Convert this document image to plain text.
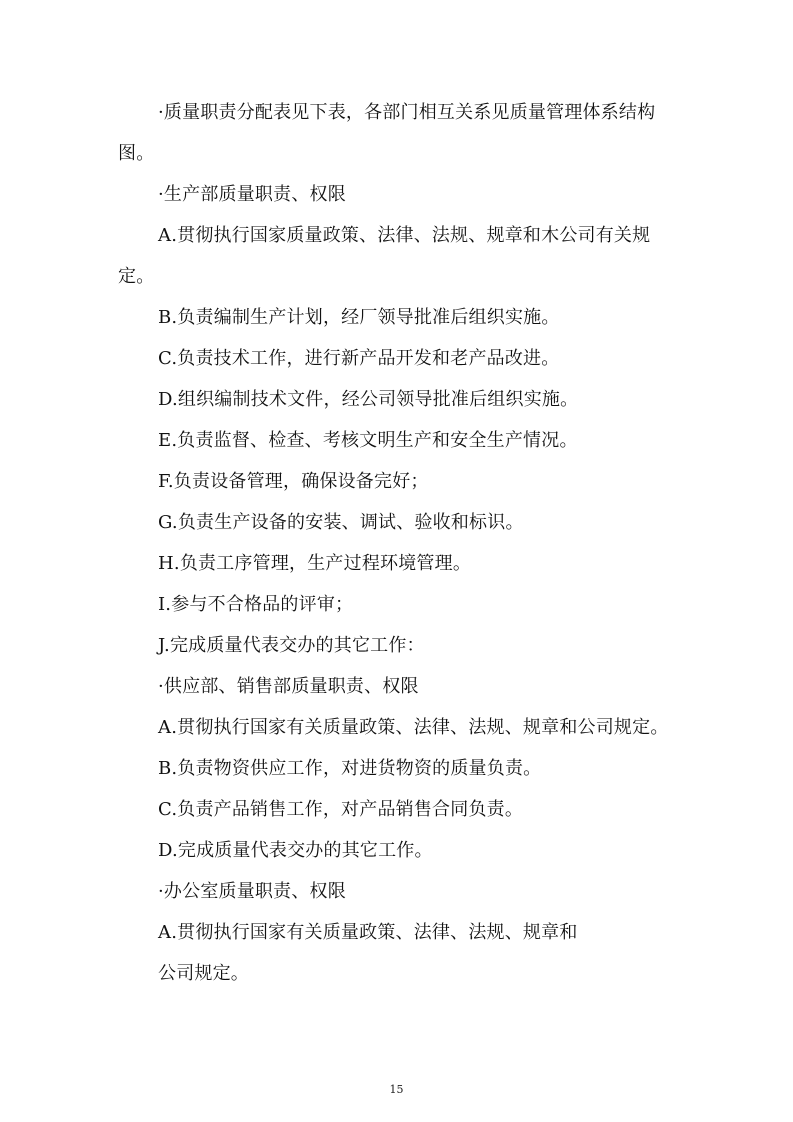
·质量职责分配表见下表，各部门相互关系见质量管理体系结构

图。

·生产部质量职责、权限

A.贯彻执行国家质量政策、法律、法规、规章和木公司有关规

定。

B.负责编制生产计划，经厂领导批准后组织实施。

C.负责技术工作，进行新产品开发和老产品改进。

D.组织编制技术文件，经公司领导批准后组织实施。

E.负责监督、检查、考核文明生产和安全生产情况。

F.负责设备管理，确保设备完好；

G.负责生产设备的安装、调试、验收和标识。

H.负责工序管理，生产过程环境管理。

I.参与不合格品的评审；

J.完成质量代表交办的其它工作：

·供应部、销售部质量职责、权限

A.贯彻执行国家有关质量政策、法律、法规、规章和公司规定。

B.负责物资供应工作，对进货物资的质量负责。

C.负责产品销售工作，对产品销售合同负责。

D.完成质量代表交办的其它工作。

·办公室质量职责、权限

A.贯彻执行国家有关质量政策、法律、法规、规章和

公司规定。

15
